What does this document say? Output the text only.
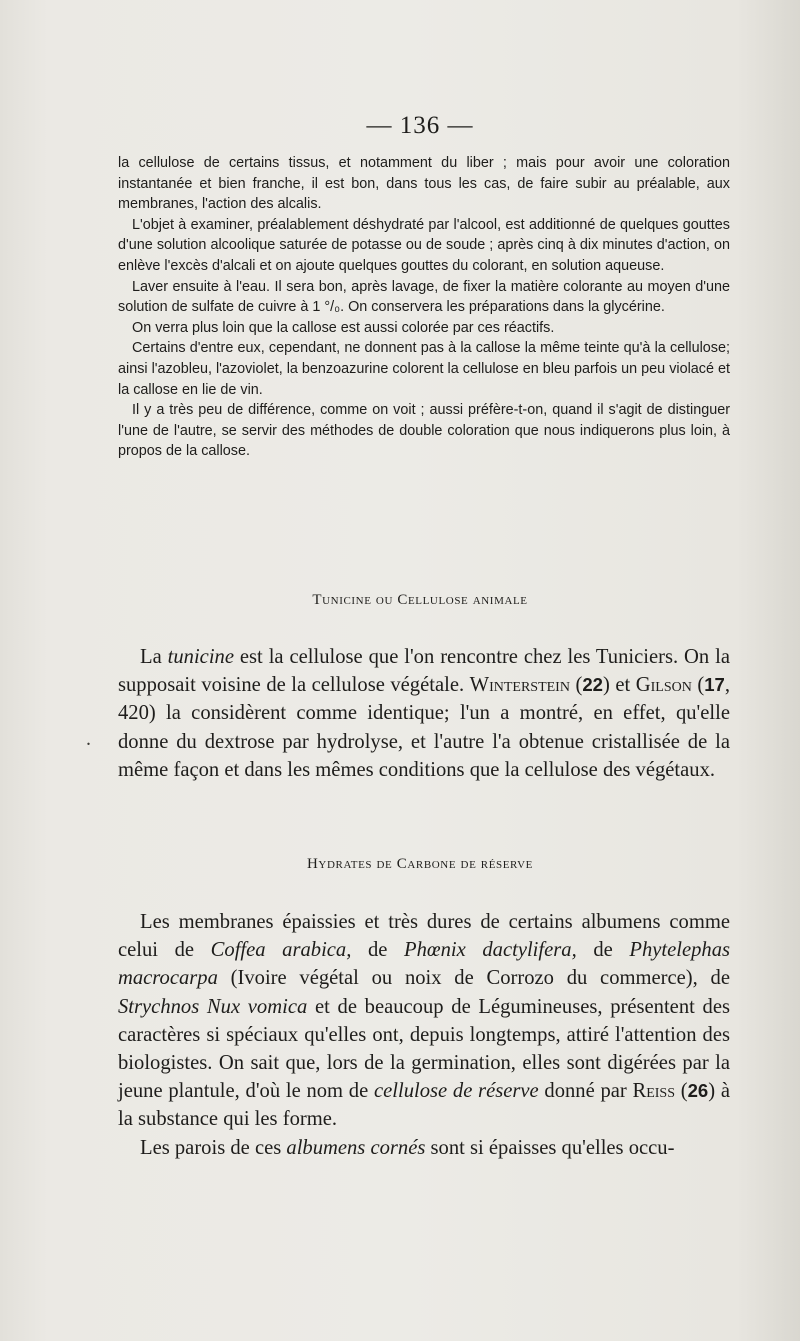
— 136 —

la cellulose de certains tissus, et notamment du liber ; mais pour avoir une coloration instantanée et bien franche, il est bon, dans tous les cas, de faire subir au préalable, aux membranes, l'action des alcalis.

L'objet à examiner, préalablement déshydraté par l'alcool, est additionné de quelques gouttes d'une solution alcoolique saturée de potasse ou de soude ; après cinq à dix minutes d'action, on enlève l'excès d'alcali et on ajoute quelques gouttes du colorant, en solution aqueuse.

Laver ensuite à l'eau. Il sera bon, après lavage, de fixer la matière colorante au moyen d'une solution de sulfate de cuivre à 1 °/₀. On conservera les préparations dans la glycérine.

On verra plus loin que la callose est aussi colorée par ces réactifs.

Certains d'entre eux, cependant, ne donnent pas à la callose la même teinte qu'à la cellulose; ainsi l'azobleu, l'azoviolet, la benzoazurine colorent la cellulose en bleu parfois un peu violacé et la callose en lie de vin.

Il y a très peu de différence, comme on voit ; aussi préfère-t-on, quand il s'agit de distinguer l'une de l'autre, se servir des méthodes de double coloration que nous indiquerons plus loin, à propos de la callose.

Tunicine ou Cellulose animale

La tunicine est la cellulose que l'on rencontre chez les Tuniciers. On la supposait voisine de la cellulose végétale. Winterstein (22) et Gilson (17, 420) la considèrent comme identique; l'un a montré, en effet, qu'elle donne du dextrose par hydrolyse, et l'autre l'a obtenue cristallisée de la même façon et dans les mêmes conditions que la cellulose des végétaux.

Hydrates de Carbone de réserve

Les membranes épaissies et très dures de certains albumens comme celui de Coffea arabica, de Phœnix dactylifera, de Phytelephas macrocarpa (Ivoire végétal ou noix de Corrozo du commerce), de Strychnos Nux vomica et de beaucoup de Légumineuses, présentent des caractères si spéciaux qu'elles ont, depuis longtemps, attiré l'attention des biologistes. On sait que, lors de la germination, elles sont digérées par la jeune plantule, d'où le nom de cellulose de réserve donné par Reiss (26) à la substance qui les forme.

Les parois de ces albumens cornés sont si épaisses qu'elles occu-

.
